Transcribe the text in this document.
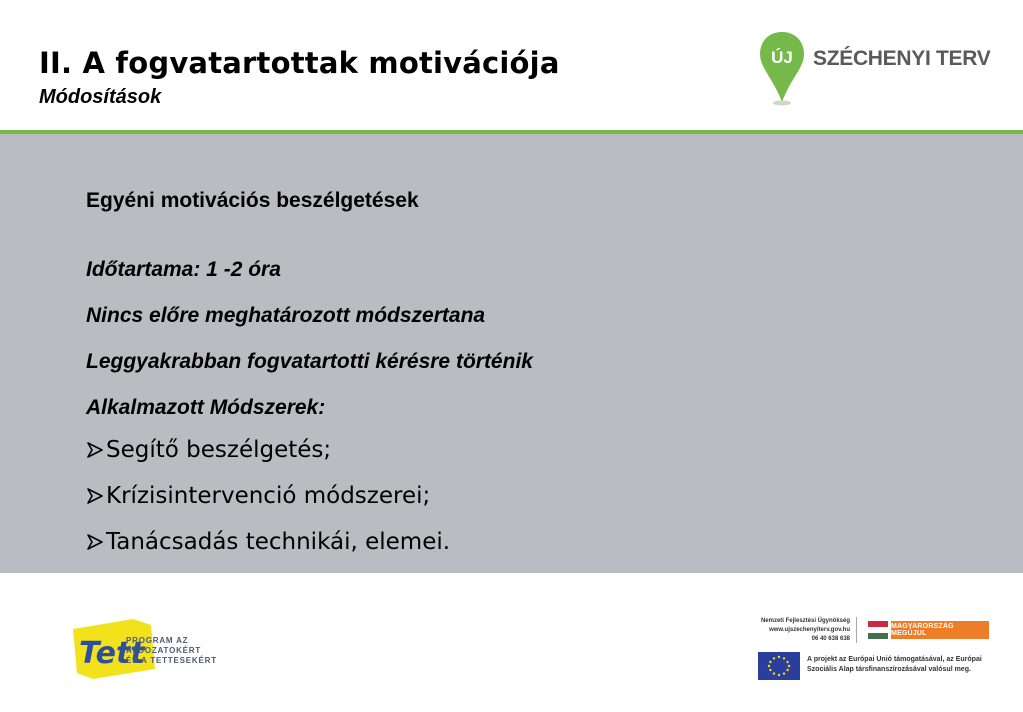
II. A fogvatartottak motivációja
Módosítások
ÚJ SZÉCHENYI TERV
Egyéni motivációs beszélgetések
Időtartama: 1 -2 óra
Nincs előre meghatározott módszertana
Leggyakrabban fogvatartotti kérésre történik
Alkalmazott Módszerek:
Segítő beszélgetés;
Krízisintervenció módszerei;
Tanácsadás technikái, elemei.
Tett
PROGRAM AZ
ÁLDOZATOKÉRT
ÉS A TETTESEKÉRT
Nemzeti Fejlesztési Ügynökség
www.ujszechenyiterv.gov.hu
06 40 638 638
MAGYARORSZÁG MEGÚJUL
A projekt az Európai Unió támogatásával, az Európai Szociális Alap társfinanszírozásával valósul meg.
